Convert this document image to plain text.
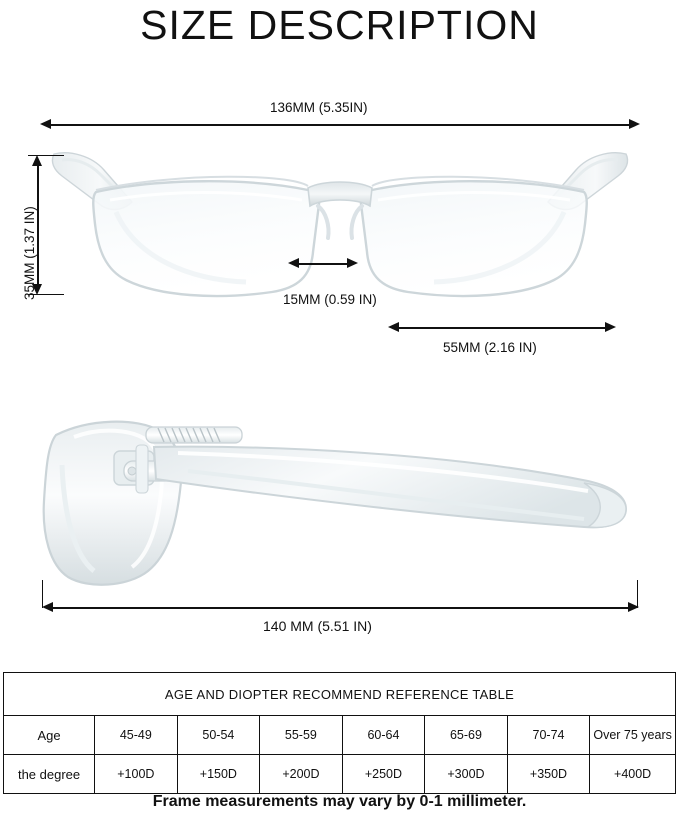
SIZE DESCRIPTION
136MM (5.35IN)
35MM (1.37 IN)	15MM (0.59 IN)
55MM (2.16 IN)
140 MM (5.51 IN)
AGE AND DIOPTER RECOMMEND REFERENCE TABLE							
Age	45-49	50-54	55-59	60-64	65-69	70-74	Over 75 years
the degree	+100D	+150D	+200D	+250D	+300D	+350D	+400D
Frame measurements may vary by 0-1 millimeter.
